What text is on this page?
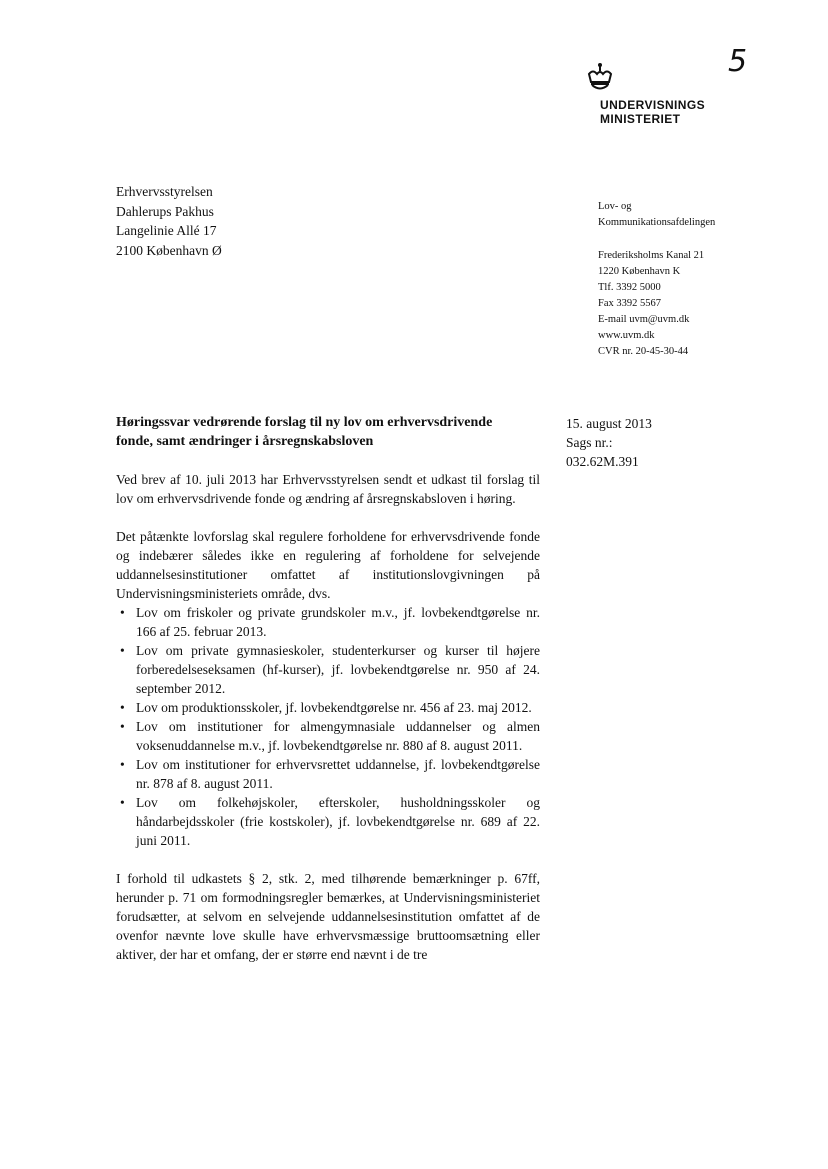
5
UNDERVISNINGS
MINISTERIET
Erhvervsstyrelsen
Dahlerups Pakhus
Langelinie Allé 17
2100 København Ø
Lov- og
Kommunikationsafdelingen
Frederiksholms Kanal 21
1220 København K
Tlf. 3392 5000
Fax 3392 5567
E-mail uvm@uvm.dk
www.uvm.dk
CVR nr. 20-45-30-44
Høringssvar vedrørende forslag til ny lov om erhvervsdrivende fonde, samt ændringer i årsregnskabsloven
15. august 2013
Sags nr.:
032.62M.391

Ved brev af 10. juli 2013 har Erhvervsstyrelsen sendt et udkast til forslag til lov om erhvervsdrivende fonde og ændring af årsregnskabsloven i høring.

Det påtænkte lovforslag skal regulere forholdene for erhvervsdrivende fonde og indebærer således ikke en regulering af forholdene for selvejende uddannelsesinstitutioner omfattet af institutionslovgivningen på Undervisningsministeriets område, dvs.

• Lov om friskoler og private grundskoler m.v., jf. lovbekendtgørelse nr. 166 af 25. februar 2013.
• Lov om private gymnasieskoler, studenterkurser og kurser til højere forberedelseseksamen (hf-kurser), jf. lovbekendtgørelse nr. 950 af 24. september 2012.
• Lov om produktionsskoler, jf. lovbekendtgørelse nr. 456 af 23. maj 2012.
• Lov om institutioner for almengymnasiale uddannelser og almen voksenuddannelse m.v., jf. lovbekendtgørelse nr. 880 af 8. august 2011.
• Lov om institutioner for erhvervsrettet uddannelse, jf. lovbekendtgørelse nr. 878 af 8. august 2011.
• Lov om folkehøjskoler, efterskoler, husholdningsskoler og håndarbejdsskoler (frie kostskoler), jf. lovbekendtgørelse nr. 689 af 22. juni 2011.

I forhold til udkastets § 2, stk. 2, med tilhørende bemærkninger p. 67ff, herunder p. 71 om formodningsregler bemærkes, at Undervisningsministeriet forudsætter, at selvom en selvejende uddannelsesinstitution omfattet af de ovenfor nævnte love skulle have erhvervsmæssige bruttoomsætning eller aktiver, der har et omfang, der er større end nævnt i de tre
